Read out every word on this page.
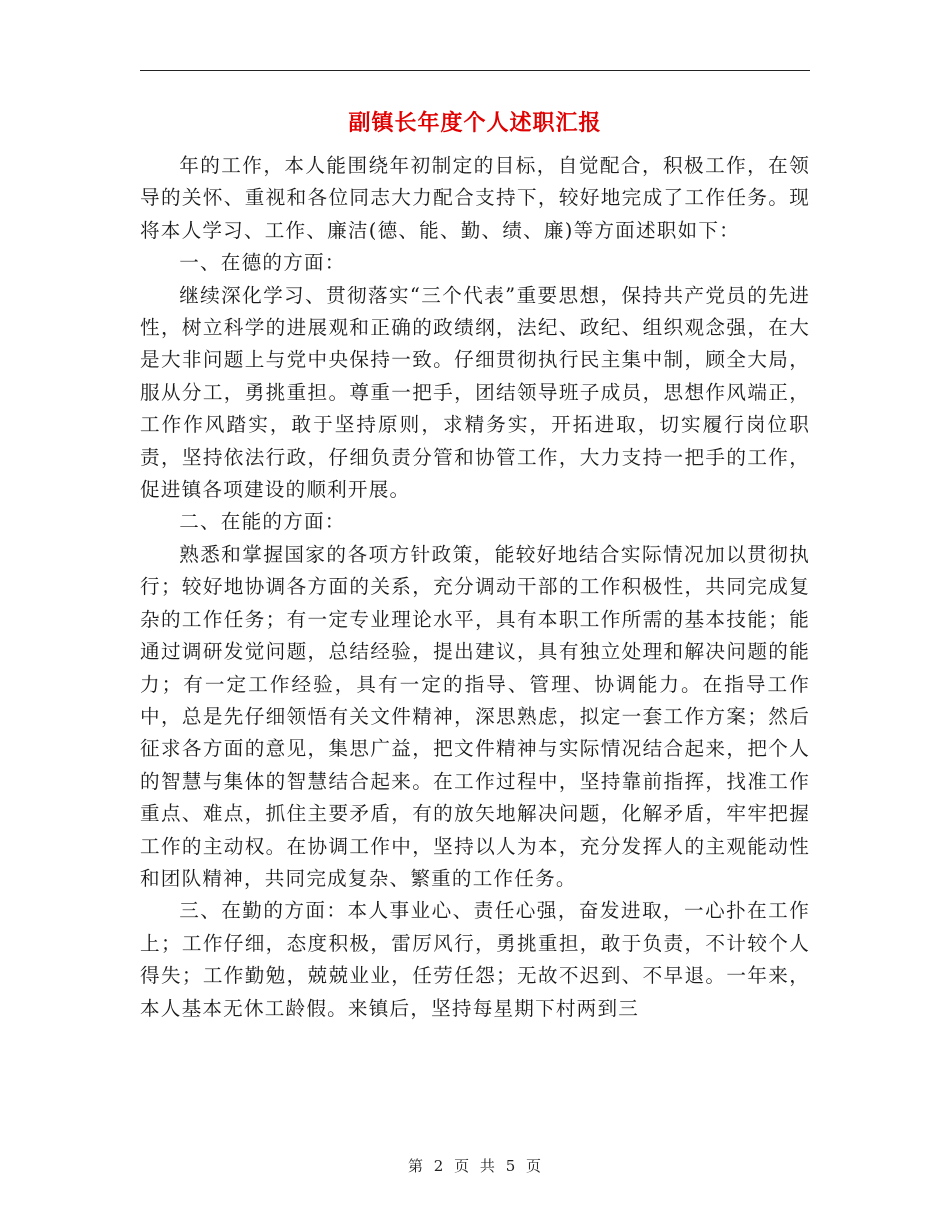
副镇长年度个人述职汇报

年的工作，本人能围绕年初制定的目标，自觉配合，积极工作，在领导的关怀、重视和各位同志大力配合支持下，较好地完成了工作任务。现将本人学习、工作、廉洁(德、能、勤、绩、廉)等方面述职如下：

一、在德的方面：

继续深化学习、贯彻落实“三个代表”重要思想，保持共产党员的先进性，树立科学的进展观和正确的政绩纲，法纪、政纪、组织观念强，在大是大非问题上与党中央保持一致。仔细贯彻执行民主集中制，顾全大局，服从分工，勇挑重担。尊重一把手，团结领导班子成员，思想作风端正，工作作风踏实，敢于坚持原则，求精务实，开拓进取，切实履行岗位职责，坚持依法行政，仔细负责分管和协管工作，大力支持一把手的工作，促进镇各项建设的顺利开展。

二、在能的方面：

熟悉和掌握国家的各项方针政策，能较好地结合实际情况加以贯彻执行；较好地协调各方面的关系，充分调动干部的工作积极性，共同完成复杂的工作任务；有一定专业理论水平，具有本职工作所需的基本技能；能通过调研发觉问题，总结经验，提出建议，具有独立处理和解决问题的能力；有一定工作经验，具有一定的指导、管理、协调能力。在指导工作中，总是先仔细领悟有关文件精神，深思熟虑，拟定一套工作方案；然后征求各方面的意见，集思广益，把文件精神与实际情况结合起来，把个人的智慧与集体的智慧结合起来。在工作过程中，坚持靠前指挥，找准工作重点、难点，抓住主要矛盾，有的放矢地解决问题，化解矛盾，牢牢把握工作的主动权。在协调工作中，坚持以人为本，充分发挥人的主观能动性和团队精神，共同完成复杂、繁重的工作任务。

三、在勤的方面：本人事业心、责任心强，奋发进取，一心扑在工作上；工作仔细，态度积极，雷厉风行，勇挑重担，敢于负责，不计较个人得失；工作勤勉，兢兢业业，任劳任怨；无故不迟到、不早退。一年来，本人基本无休工龄假。来镇后，坚持每星期下村两到三

第 2 页 共 5 页
